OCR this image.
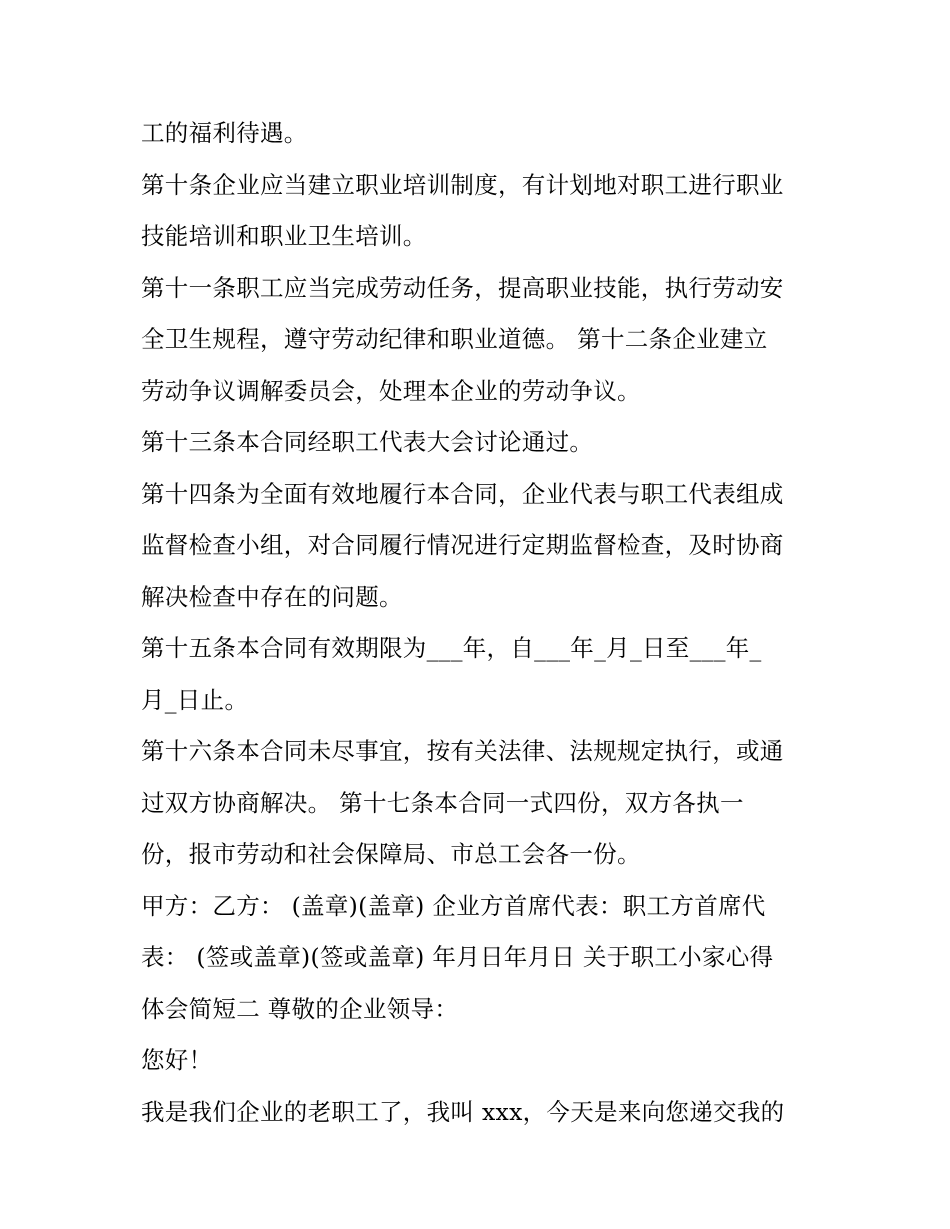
工的福利待遇。
第十条企业应当建立职业培训制度，有计划地对职工进行职业
技能培训和职业卫生培训。
第十一条职工应当完成劳动任务，提高职业技能，执行劳动安
全卫生规程，遵守劳动纪律和职业道德。 第十二条企业建立
劳动争议调解委员会，处理本企业的劳动争议。
第十三条本合同经职工代表大会讨论通过。
第十四条为全面有效地履行本合同，企业代表与职工代表组成
监督检查小组，对合同履行情况进行定期监督检查，及时协商
解决检查中存在的问题。
第十五条本合同有效期限为___年，自___年_月_日至___年_
月_日止。
第十六条本合同未尽事宜，按有关法律、法规规定执行，或通
过双方协商解决。 第十七条本合同一式四份，双方各执一
份，报市劳动和社会保障局、市总工会各一份。
甲方：乙方： (盖章)(盖章) 企业方首席代表：职工方首席代
表： (签或盖章)(签或盖章) 年月日年月日 关于职工小家心得
体会简短二 尊敬的企业领导：
您好！
我是我们企业的老职工了，我叫 xxx，今天是来向您递交我的
